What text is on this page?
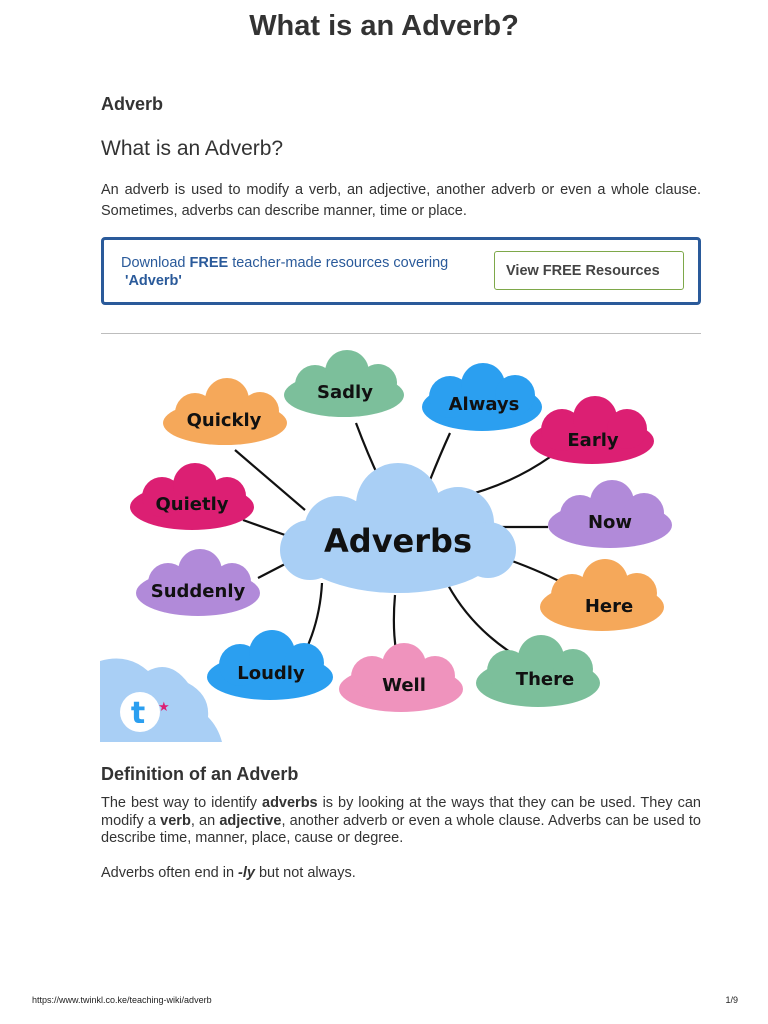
What is an Adverb?
Adverb
What is an Adverb?
An adverb is used to modify a verb, an adjective, another adverb or even a whole clause. Sometimes, adverbs can describe manner, time or place.
Download FREE teacher-made resources covering
'Adverb'
View FREE Resources
Adverbs
Sadly
Always
Quickly
Early
Quietly
Now
Suddenly
Here
Loudly
Well	There
t ★
Definition of an Adverb
The best way to identify adverbs is by looking at the ways that they can be used. They can modify a verb, an adjective, another adverb or even a whole clause. Adverbs can be used to describe time, manner, place, cause or degree.
Adverbs often end in -ly but not always.
https://www.twinkl.co.ke/teaching-wiki/adverb	1/9
